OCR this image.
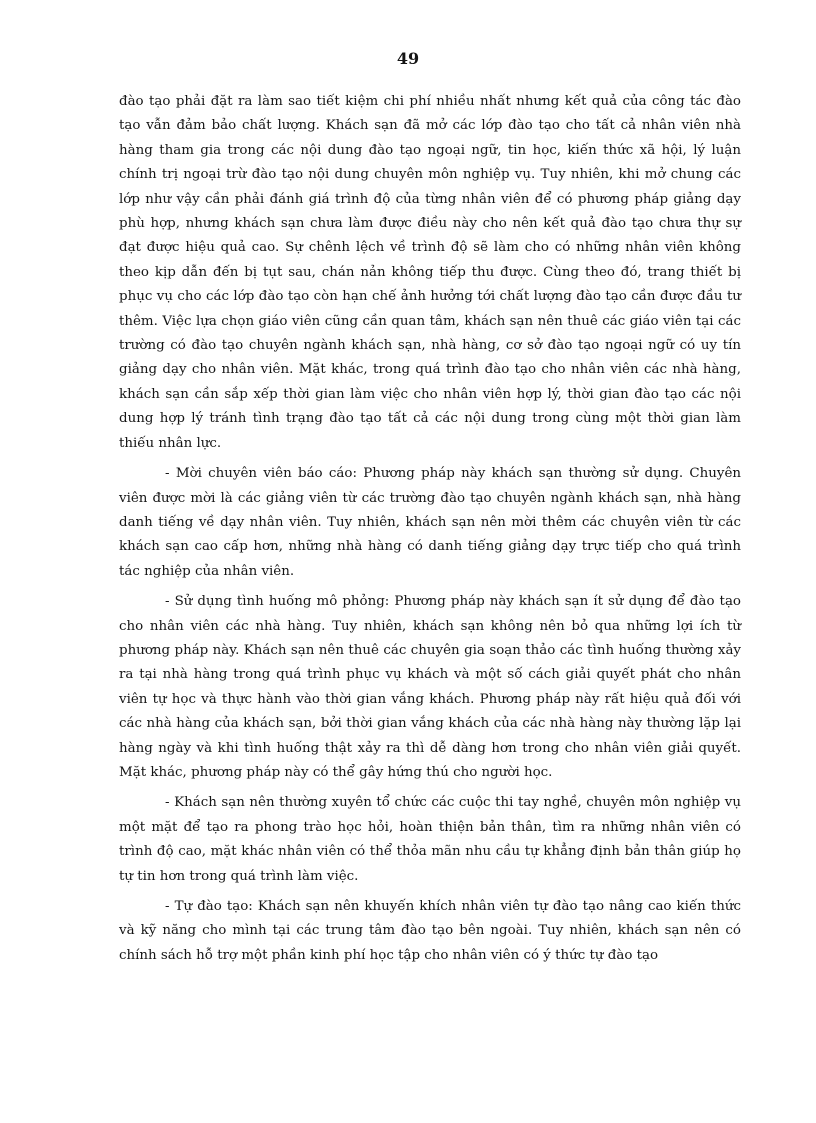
49

đào tạo phải đặt ra làm sao tiết kiệm chi phí nhiều nhất nhưng kết quả của công tác đào tạo vẫn đảm bảo chất lượng. Khách sạn đã mở các lớp đào tạo cho tất cả nhân viên nhà hàng tham gia trong các nội dung đào tạo ngoại ngữ, tin học, kiến thức xã hội, lý luận chính trị ngoại trừ đào tạo nội dung chuyên môn nghiệp vụ. Tuy nhiên, khi mở chung các lớp như vậy cần phải đánh giá trình độ của từng nhân viên để có phương pháp giảng dạy phù hợp, nhưng khách sạn chưa làm được điều này cho nên kết quả đào tạo chưa thự sự đạt được hiệu quả cao. Sự chênh lệch về trình độ sẽ làm cho có những nhân viên không theo kịp dẫn đến bị tụt sau, chán nản không tiếp thu được. Cùng theo đó, trang thiết bị phục vụ cho các lớp đào tạo còn hạn chế ảnh hưởng tới chất lượng đào tạo cần được đầu tư thêm. Việc lựa chọn giáo viên cũng cần quan tâm, khách sạn nên thuê các giáo viên tại các trường có đào tạo chuyên ngành khách sạn, nhà hàng, cơ sở đào tạo ngoại ngữ có uy tín giảng dạy cho nhân viên. Mặt khác, trong quá trình đào tạo cho nhân viên các nhà hàng, khách sạn cần sắp xếp thời gian làm việc cho nhân viên hợp lý, thời gian đào tạo các nội dung hợp lý tránh tình trạng đào tạo tất cả các nội dung trong cùng một thời gian làm thiếu nhân lực.

- Mời chuyên viên báo cáo: Phương pháp này khách sạn thường sử dụng. Chuyên viên được mời là các giảng viên từ các trường đào tạo chuyên ngành khách sạn, nhà hàng danh tiếng về dạy nhân viên. Tuy nhiên, khách sạn nên mời thêm các chuyên viên từ các khách sạn cao cấp hơn, những nhà hàng có danh tiếng giảng dạy trực tiếp cho quá trình tác nghiệp của nhân viên.

- Sử dụng tình huống mô phỏng: Phương pháp này khách sạn ít sử dụng để đào tạo cho nhân viên các nhà hàng. Tuy nhiên, khách sạn không nên bỏ qua những lợi ích từ phương pháp này. Khách sạn nên thuê các chuyên gia soạn thảo các tình huống thường xảy ra tại nhà hàng trong quá trình phục vụ khách và một số cách giải quyết phát cho nhân viên tự học và thực hành vào thời gian vắng khách. Phương pháp này rất hiệu quả đối với các nhà hàng của khách sạn, bởi thời gian vắng khách của các nhà hàng này thường lặp lại hàng ngày và khi tình huống thật xảy ra thì dễ dàng hơn trong cho nhân viên giải quyết. Mặt khác, phương pháp này có thể gây hứng thú cho người học.

- Khách sạn nên thường xuyên tổ chức các cuộc thi tay nghề, chuyên môn nghiệp vụ một mặt để tạo ra phong trào học hỏi, hoàn thiện bản thân, tìm ra những nhân viên có trình độ cao, mặt khác nhân viên có thể thỏa mãn nhu cầu tự khẳng định bản thân giúp họ tự tin hơn trong quá trình làm việc.

- Tự đào tạo: Khách sạn nên khuyến khích nhân viên tự đào tạo nâng cao kiến thức và kỹ năng cho mình tại các trung tâm đào tạo bên ngoài. Tuy nhiên, khách sạn nên có chính sách hỗ trợ một phần kinh phí học tập cho nhân viên có ý thức tự đào tạo
